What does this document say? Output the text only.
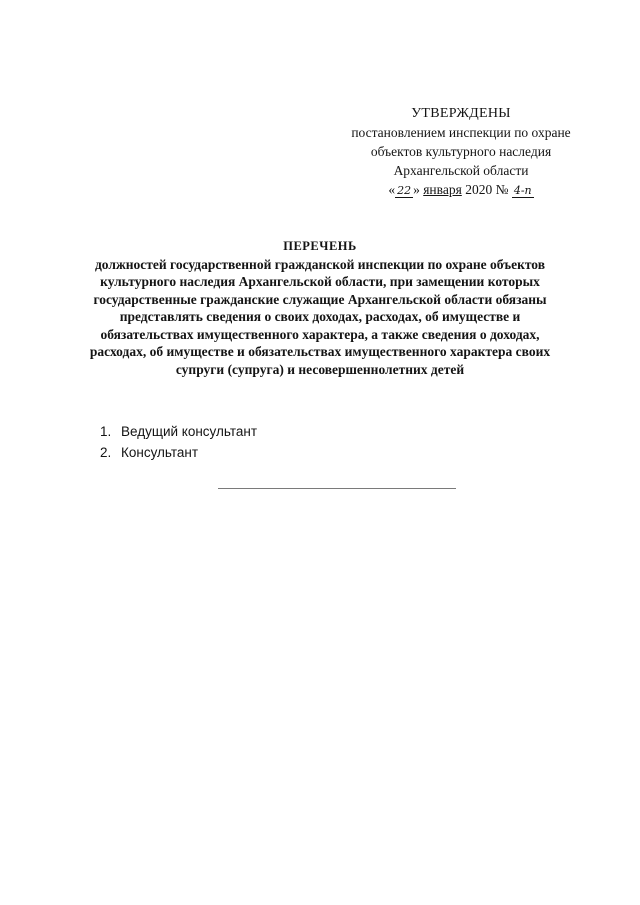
УТВЕРЖДЕНЫ
постановлением инспекции по охране
объектов культурного наследия
Архангельской области
« 22 » января 2020 № 4-п
ПЕРЕЧЕНЬ
должностей государственной гражданской инспекции по охране объектов
культурного наследия Архангельской области, при замещении которых
государственные гражданские служащие Архангельской области обязаны
представлять сведения о своих доходах, расходах, об имуществе и
обязательствах имущественного характера, а также сведения о доходах,
расходах, об имуществе и обязательствах имущественного характера своих
супруги (супруга) и несовершеннолетних детей
1. Ведущий консультант
2. Консультант
